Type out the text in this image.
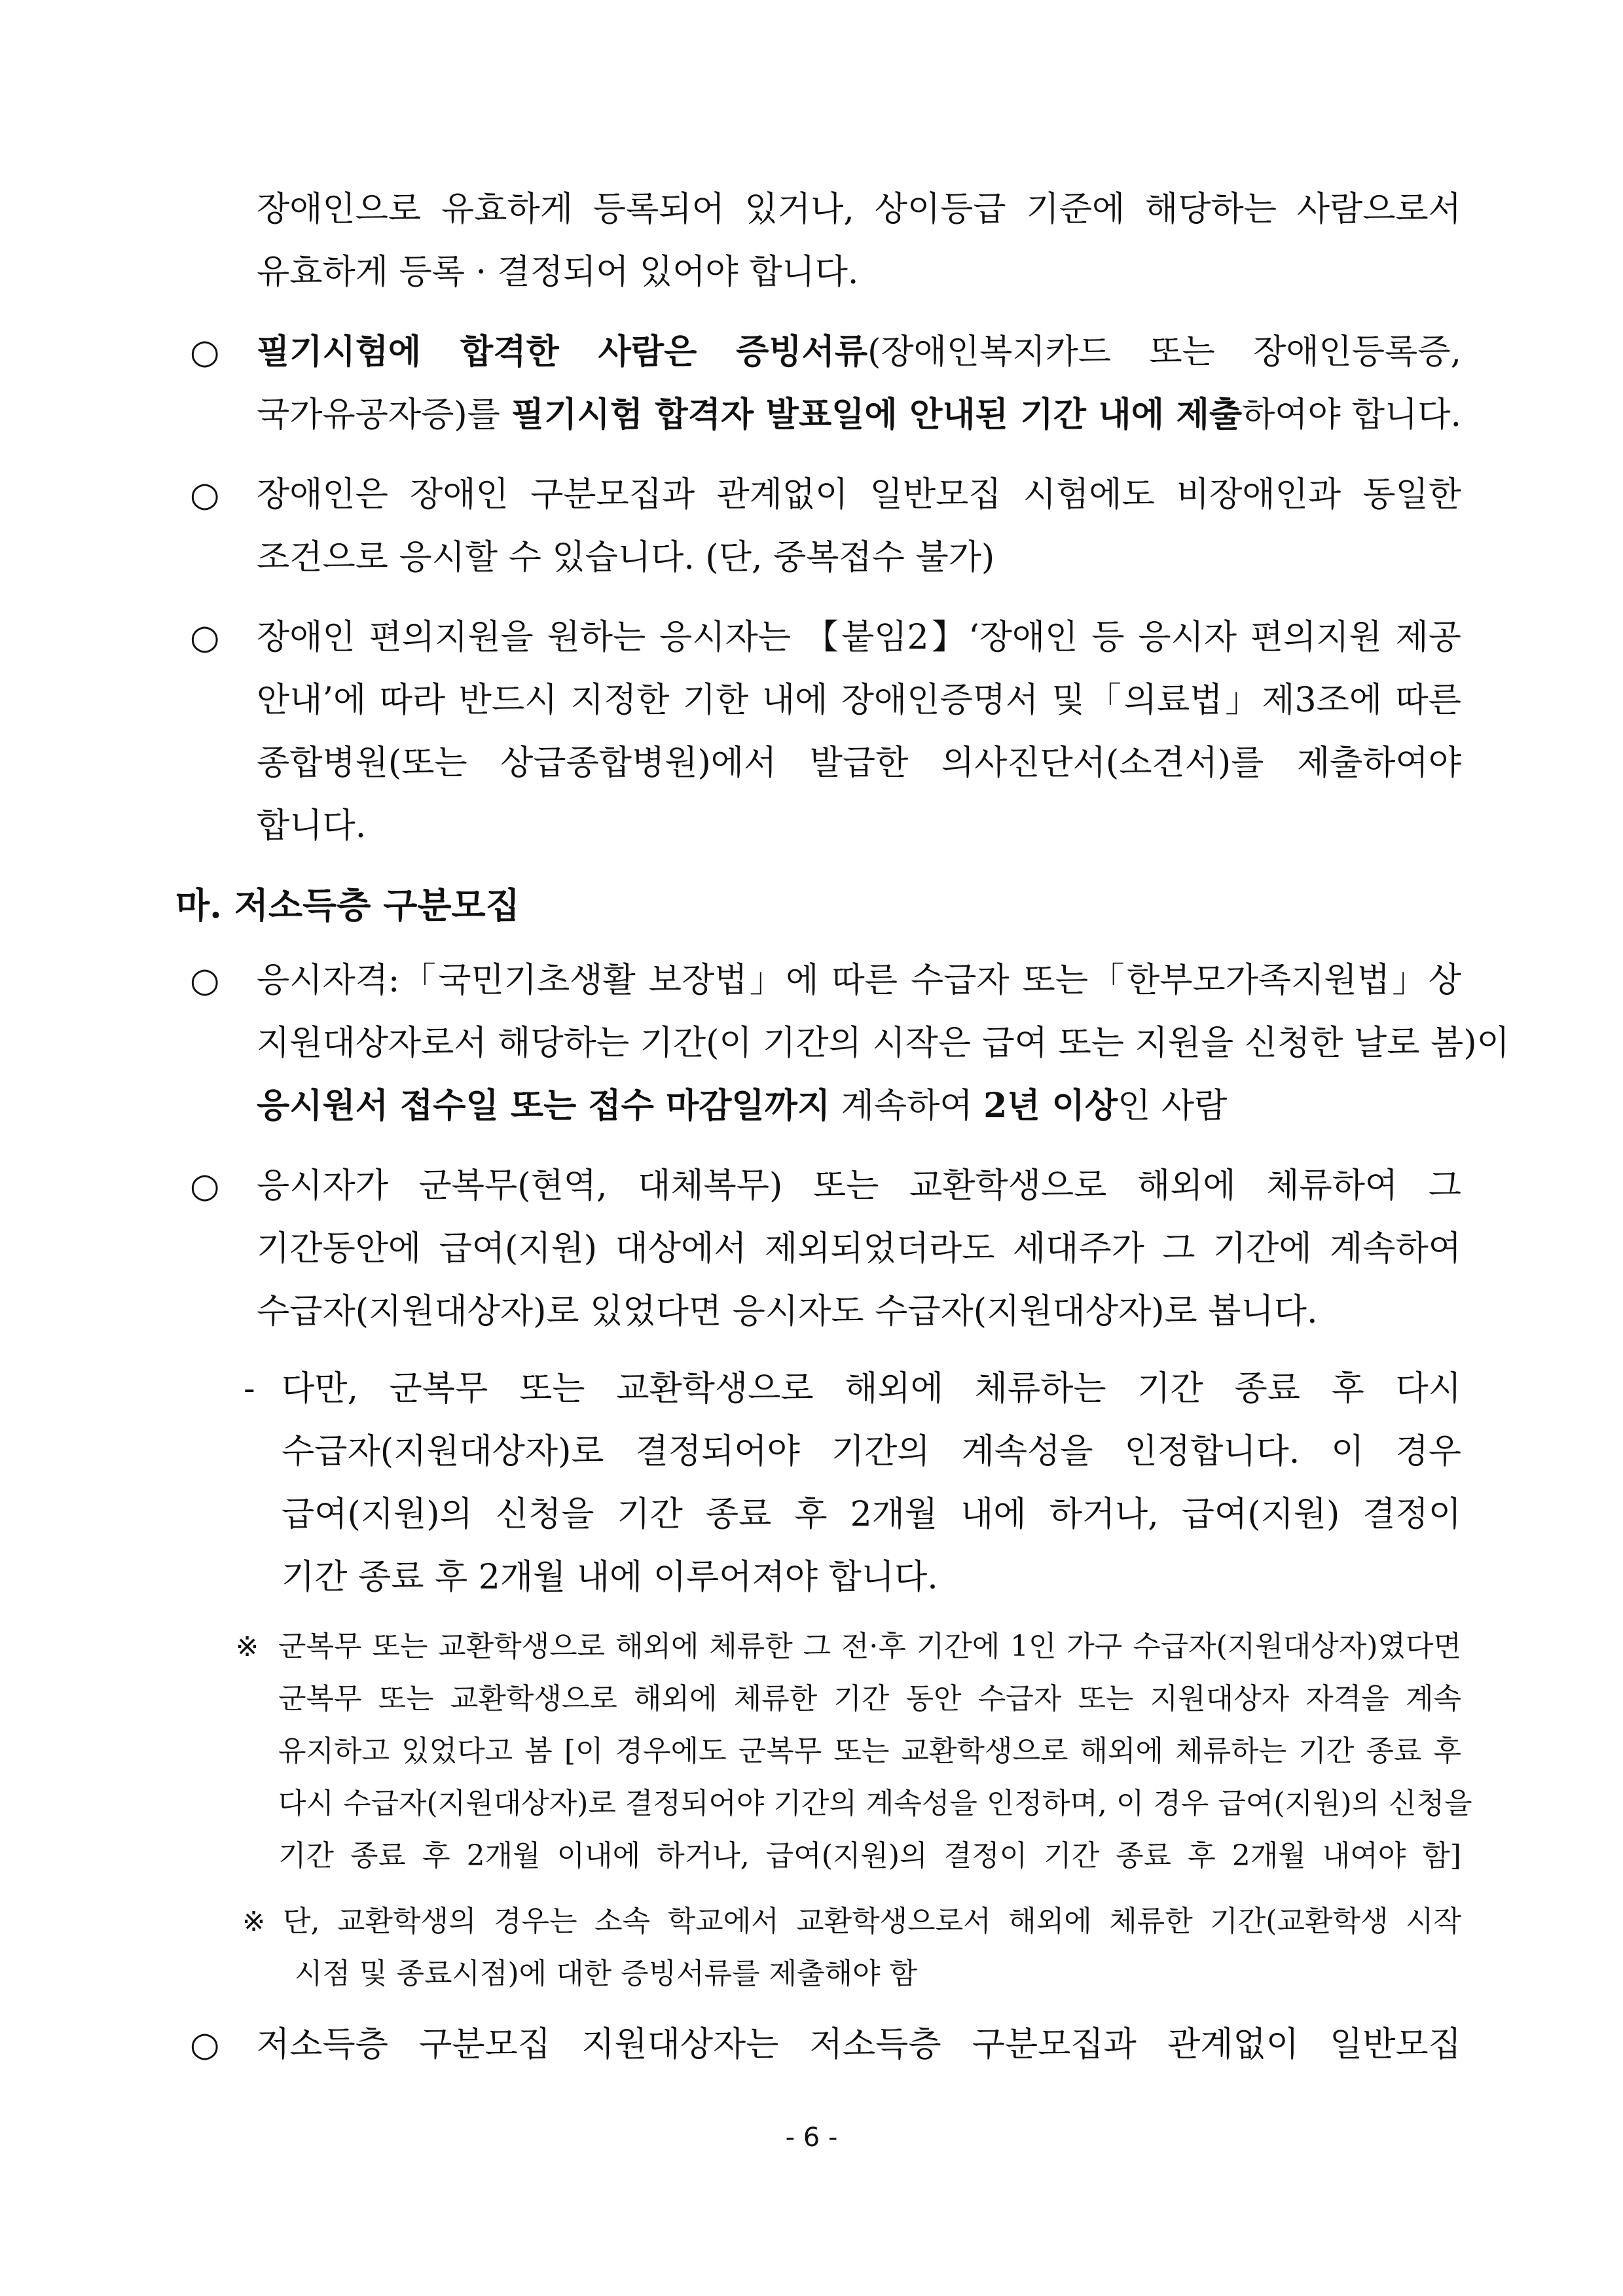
장애인으로 유효하게 등록되어 있거나, 상이등급 기준에 해당하는 사람으로서
유효하게 등록 · 결정되어 있어야 합니다.
○ 필기시험에 합격한 사람은 증빙서류(장애인복지카드 또는 장애인등록증,
국가유공자증)를 필기시험 합격자 발표일에 안내된 기간 내에 제출하여야 합니다.
○ 장애인은 장애인 구분모집과 관계없이 일반모집 시험에도 비장애인과 동일한
조건으로 응시할 수 있습니다. (단, 중복접수 불가)
○ 장애인 편의지원을 원하는 응시자는 【붙임2】‘장애인 등 응시자 편의지원 제공
안내’에 따라 반드시 지정한 기한 내에 장애인증명서 및「의료법」제3조에 따른
종합병원(또는 상급종합병원)에서 발급한 의사진단서(소견서)를 제출하여야
합니다.
마. 저소득층 구분모집
○ 응시자격:「국민기초생활 보장법」에 따른 수급자 또는「한부모가족지원법」상
지원대상자로서 해당하는 기간(이 기간의 시작은 급여 또는 지원을 신청한 날로 봄)이
응시원서 접수일 또는 접수 마감일까지 계속하여 2년 이상인 사람
○ 응시자가 군복무(현역, 대체복무) 또는 교환학생으로 해외에 체류하여 그
기간동안에 급여(지원) 대상에서 제외되었더라도 세대주가 그 기간에 계속하여
수급자(지원대상자)로 있었다면 응시자도 수급자(지원대상자)로 봅니다.
- 다만, 군복무 또는 교환학생으로 해외에 체류하는 기간 종료 후 다시
수급자(지원대상자)로 결정되어야 기간의 계속성을 인정합니다. 이 경우
급여(지원)의 신청을 기간 종료 후 2개월 내에 하거나, 급여(지원) 결정이
기간 종료 후 2개월 내에 이루어져야 합니다.
※ 군복무 또는 교환학생으로 해외에 체류한 그 전·후 기간에 1인 가구 수급자(지원대상자)였다면
군복무 또는 교환학생으로 해외에 체류한 기간 동안 수급자 또는 지원대상자 자격을 계속
유지하고 있었다고 봄 [이 경우에도 군복무 또는 교환학생으로 해외에 체류하는 기간 종료 후
다시 수급자(지원대상자)로 결정되어야 기간의 계속성을 인정하며, 이 경우 급여(지원)의 신청을
기간 종료 후 2개월 이내에 하거나, 급여(지원)의 결정이 기간 종료 후 2개월 내여야 함]
※ 단, 교환학생의 경우는 소속 학교에서 교환학생으로서 해외에 체류한 기간(교환학생 시작
시점 및 종료시점)에 대한 증빙서류를 제출해야 함
○ 저소득층 구분모집 지원대상자는 저소득층 구분모집과 관계없이 일반모집
- 6 -
